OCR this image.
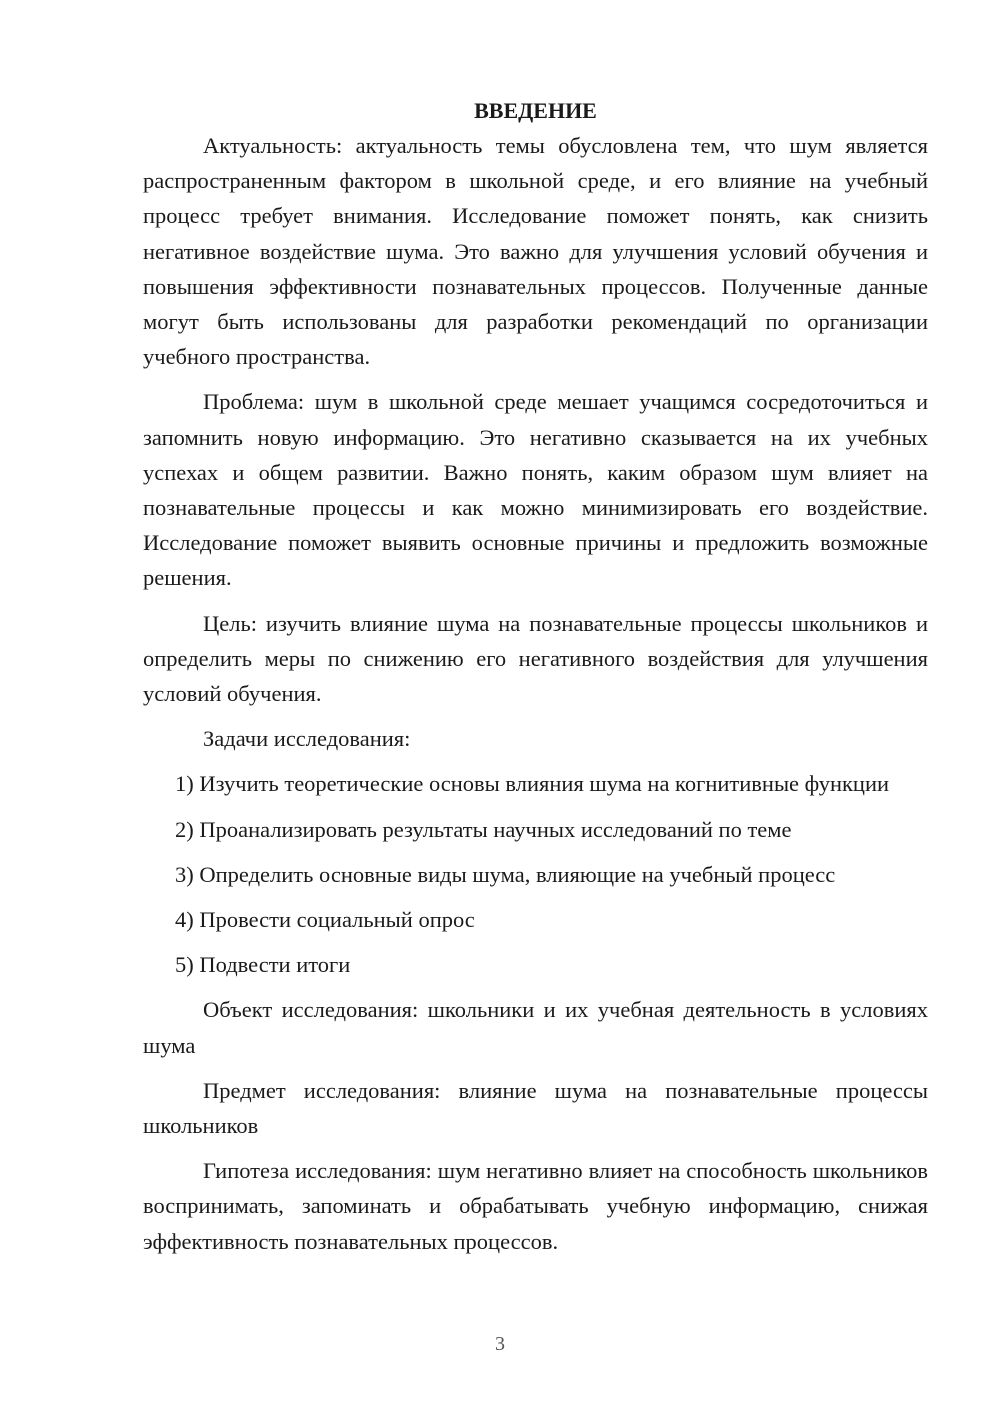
ВВЕДЕНИЕ

Актуальность: актуальность темы обусловлена тем, что шум является распространенным фактором в школьной среде, и его влияние на учебный процесс требует внимания. Исследование поможет понять, как снизить негативное воздействие шума. Это важно для улучшения условий обучения и повышения эффективности познавательных процессов. Полученные данные могут быть использованы для разработки рекомендаций по организации учебного пространства.

Проблема: шум в школьной среде мешает учащимся сосредоточиться и запомнить новую информацию. Это негативно сказывается на их учебных успехах и общем развитии. Важно понять, каким образом шум влияет на познавательные процессы и как можно минимизировать его воздействие. Исследование поможет выявить основные причины и предложить возможные решения.

Цель: изучить влияние шума на познавательные процессы школьников и определить меры по снижению его негативного воздействия для улучшения условий обучения.

Задачи исследования:

1) Изучить теоретические основы влияния шума на когнитивные функции

2) Проанализировать результаты научных исследований по теме

3) Определить основные виды шума, влияющие на учебный процесс

4) Провести социальный опрос

5) Подвести итоги

Объект исследования: школьники и их учебная деятельность в условиях шума

Предмет исследования: влияние шума на познавательные процессы школьников

Гипотеза исследования: шум негативно влияет на способность школьников воспринимать, запоминать и обрабатывать учебную информацию, снижая эффективность познавательных процессов.

3
